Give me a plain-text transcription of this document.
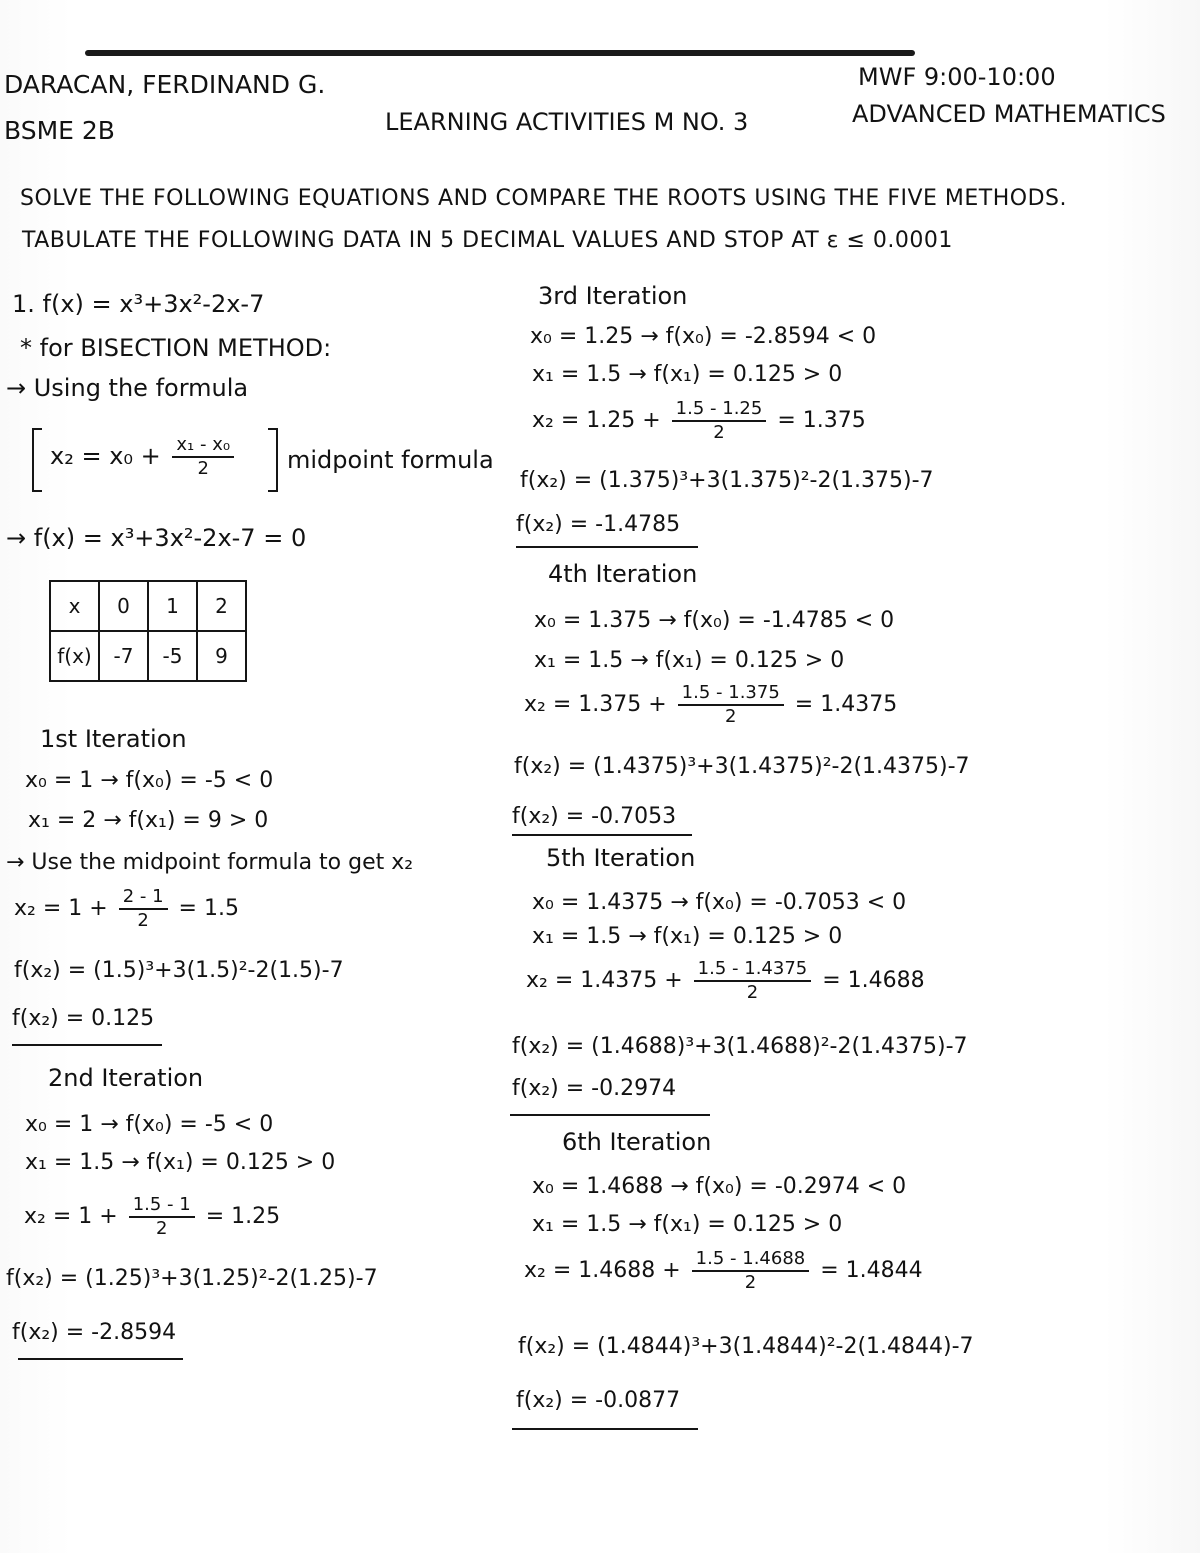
DARACAN, FERDINAND G.
BSME 2B	LEARNING ACTIVITIES M NO. 3
MWF 9:00-10:00
ADVANCED MATHEMATICS
SOLVE THE FOLLOWING EQUATIONS AND COMPARE THE ROOTS USING THE FIVE METHODS.
TABULATE THE FOLLOWING DATA IN 5 DECIMAL VALUES AND STOP AT ε ≤ 0.0001
1. f(x) = x³+3x²-2x-7
* for BISECTION METHOD:
→ Using the formula
$x_2 = x_0 + \frac{\text{x₁ - x₀}}{2}$ midpoint formula
→ f(x) = x³+3x²-2x-7 = 0
x	0	1	2
f(x)	-7	-5	9
1st Iteration
x₀ = 1 → f(x₀) = -5 < 0
x₁ = 2 → f(x₁) = 9 > 0
→ Use the midpoint formula to get x₂
$x_2 = 1 + \frac{2 - 1}{2} = 1.5$
f(x₂) = (1.5)³+3(1.5)²-2(1.5)-7
f(x₂) = 0.125
2nd Iteration
x₀ = 1 → f(x₀) = -5 < 0
x₁ = 1.5 → f(x₁) = 0.125 > 0
$x_2 = 1 + \frac{1.5 - 1}{2} = 1.25$
f(x₂) = (1.25)³+3(1.25)²-2(1.25)-7
f(x₂) = -2.8594
3rd Iteration
x₀ = 1.25 → f(x₀) = -2.8594 < 0
x₁ = 1.5 → f(x₁) = 0.125 > 0
$x_2 = 1.25 + \frac{1.5 - 1.25}{2} = 1.375$
f(x₂) = (1.375)³+3(1.375)²-2(1.375)-7
f(x₂) = -1.4785
4th Iteration
x₀ = 1.375 → f(x₀) = -1.4785 < 0
x₁ = 1.5 → f(x₁) = 0.125 > 0
$x_2 = 1.375 + \frac{1.5 - 1.375}{2} = 1.4375$
f(x₂) = (1.4375)³+3(1.4375)²-2(1.4375)-7
f(x₂) = -0.7053
5th Iteration
x₀ = 1.4375 → f(x₀) = -0.7053 < 0
x₁ = 1.5 → f(x₁) = 0.125 > 0
$x_2 = 1.4375 + \frac{1.5 - 1.4375}{2} = 1.4688$
f(x₂) = (1.4688)³+3(1.4688)²-2(1.4375)-7
f(x₂) = -0.2974
6th Iteration
x₀ = 1.4688 → f(x₀) = -0.2974 < 0
x₁ = 1.5 → f(x₁) = 0.125 > 0
$x_2 = 1.4688 + \frac{1.5 - 1.4688}{2} = 1.4844$
f(x₂) = (1.4844)³+3(1.4844)²-2(1.4844)-7
f(x₂) = -0.0877
